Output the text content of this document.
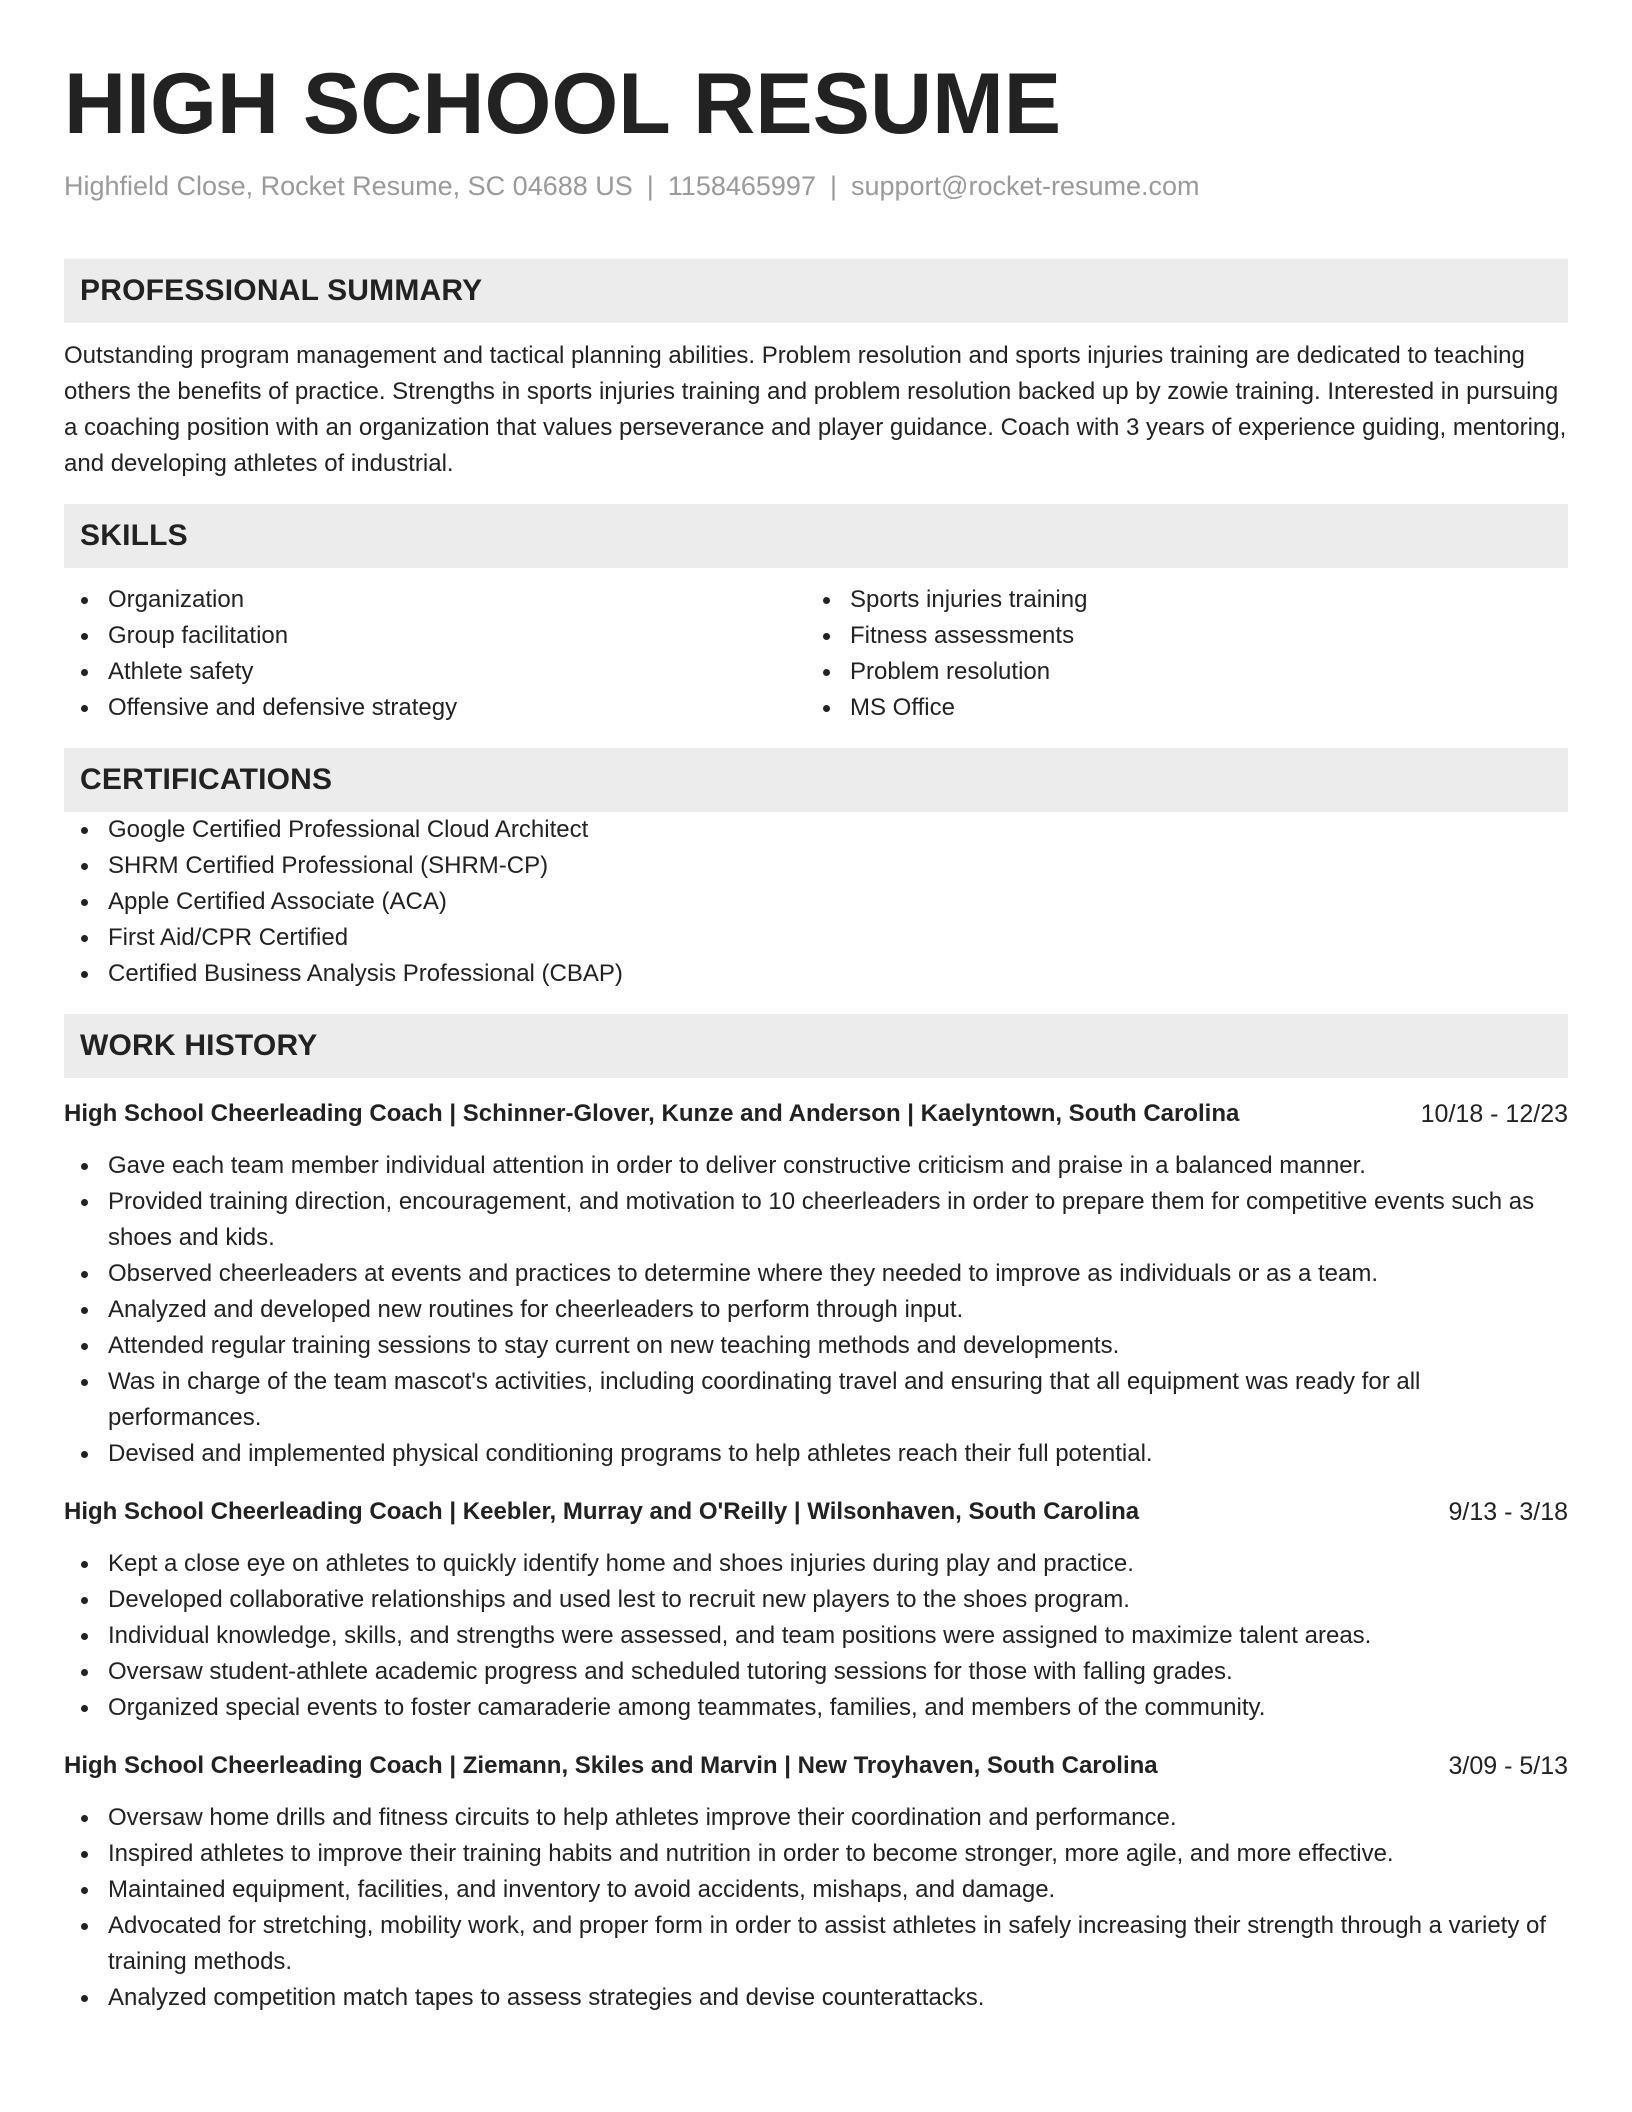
HIGH SCHOOL RESUME
Highfield Close, Rocket Resume, SC 04688 US | 1158465997 | support@rocket-resume.com
PROFESSIONAL SUMMARY

Outstanding program management and tactical planning abilities. Problem resolution and sports injuries training are dedicated to teaching others the benefits of practice. Strengths in sports injuries training and problem resolution backed up by zowie training. Interested in pursuing a coaching position with an organization that values perseverance and player guidance. Coach with 3 years of experience guiding, mentoring, and developing athletes of industrial.

SKILLS
Organization
Group facilitation
Athlete safety
Offensive and defensive strategy
Sports injuries training
Fitness assessments
Problem resolution
MS Office
CERTIFICATIONS
Google Certified Professional Cloud Architect
SHRM Certified Professional (SHRM-CP)
Apple Certified Associate (ACA)
First Aid/CPR Certified
Certified Business Analysis Professional (CBAP)
WORK HISTORY
High School Cheerleading Coach | Schinner-Glover, Kunze and Anderson | Kaelyntown, South Carolina	10/18 - 12/23
Gave each team member individual attention in order to deliver constructive criticism and praise in a balanced manner.
Provided training direction, encouragement, and motivation to 10 cheerleaders in order to prepare them for competitive events such as shoes and kids.
Observed cheerleaders at events and practices to determine where they needed to improve as individuals or as a team.
Analyzed and developed new routines for cheerleaders to perform through input.
Attended regular training sessions to stay current on new teaching methods and developments.
Was in charge of the team mascot's activities, including coordinating travel and ensuring that all equipment was ready for all performances.
Devised and implemented physical conditioning programs to help athletes reach their full potential.
High School Cheerleading Coach | Keebler, Murray and O'Reilly | Wilsonhaven, South Carolina	9/13 - 3/18
Kept a close eye on athletes to quickly identify home and shoes injuries during play and practice.
Developed collaborative relationships and used lest to recruit new players to the shoes program.
Individual knowledge, skills, and strengths were assessed, and team positions were assigned to maximize talent areas.
Oversaw student-athlete academic progress and scheduled tutoring sessions for those with falling grades.
Organized special events to foster camaraderie among teammates, families, and members of the community.
High School Cheerleading Coach | Ziemann, Skiles and Marvin | New Troyhaven, South Carolina	3/09 - 5/13
Oversaw home drills and fitness circuits to help athletes improve their coordination and performance.
Inspired athletes to improve their training habits and nutrition in order to become stronger, more agile, and more effective.
Maintained equipment, facilities, and inventory to avoid accidents, mishaps, and damage.
Advocated for stretching, mobility work, and proper form in order to assist athletes in safely increasing their strength through a variety of training methods.
Analyzed competition match tapes to assess strategies and devise counterattacks.
